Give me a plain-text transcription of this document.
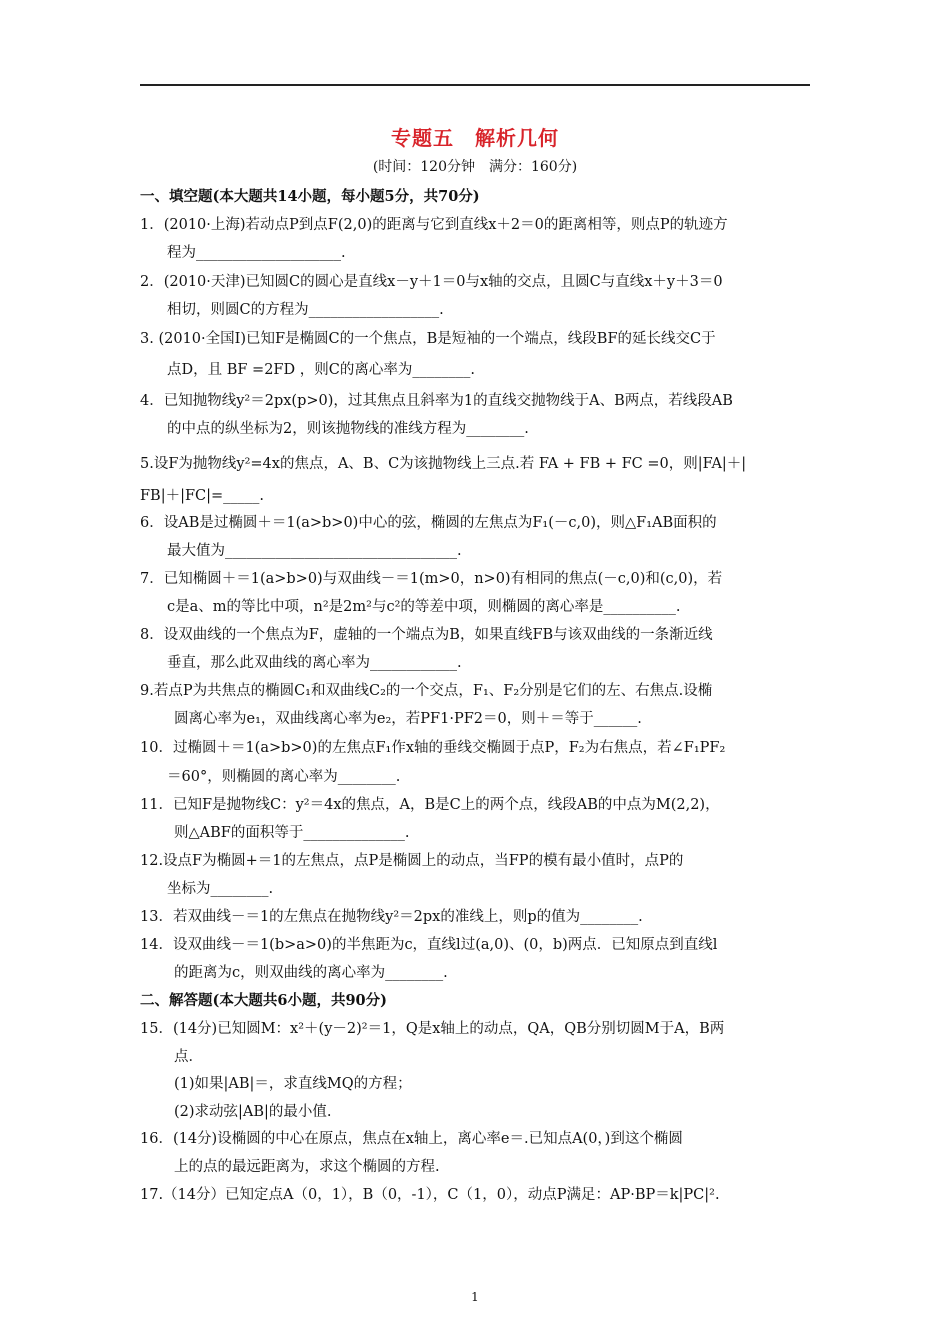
专题五　解析几何
(时间：120分钟　满分：160分)
一、填空题(本大题共14小题，每小题5分，共70分)
1．(2010·上海)若动点P到点F(2,0)的距离与它到直线x＋2＝0的距离相等，则点P的轨迹方
程为____________________.
2．(2010·天津)已知圆C的圆心是直线x－y＋1＝0与x轴的交点，且圆C与直线x＋y＋3＝0
相切，则圆C的方程为__________________.
3. (2010·全国Ⅰ)已知F是椭圆C的一个焦点，B是短袖的一个端点，线段BF的延长线交C于
点D，且 BF =2FD ，则C的离心率为________.
4．已知抛物线y²＝2px(p>0)，过其焦点且斜率为1的直线交抛物线于A、B两点，若线段AB
的中点的纵坐标为2，则该抛物线的准线方程为________.
5.设F为抛物线y²=4x的焦点，A、B、C为该抛物线上三点.若 FA + FB + FC =0，则|FA|＋|
FB|＋|FC|=_____.
6．设AB是过椭圆＋＝1(a>b>0)中心的弦，椭圆的左焦点为F₁(－c,0)，则△F₁AB面积的
最大值为________________________________.
7．已知椭圆＋＝1(a>b>0)与双曲线－＝1(m>0，n>0)有相同的焦点(－c,0)和(c,0)，若
c是a、m的等比中项，n²是2m²与c²的等差中项，则椭圆的离心率是__________.
8．设双曲线的一个焦点为F，虚轴的一个端点为B，如果直线FB与该双曲线的一条渐近线
垂直，那么此双曲线的离心率为____________.
9.若点P为共焦点的椭圆C₁和双曲线C₂的一个交点，F₁、F₂分别是它们的左、右焦点.设椭
圆离心率为e₁，双曲线离心率为e₂，若PF1·PF2＝0，则＋＝等于______.
10．过椭圆＋＝1(a>b>0)的左焦点F₁作x轴的垂线交椭圆于点P，F₂为右焦点，若∠F₁PF₂
＝60°，则椭圆的离心率为________.
11．已知F是抛物线C：y²＝4x的焦点，A，B是C上的两个点，线段AB的中点为M(2,2)，
则△ABF的面积等于______________.
12.设点F为椭圆+＝1的左焦点，点P是椭圆上的动点，当FP的模有最小值时，点P的
坐标为________.
13．若双曲线－＝1的左焦点在抛物线y²＝2px的准线上，则p的值为________.
14．设双曲线－＝1(b>a>0)的半焦距为c，直线l过(a,0)、(0，b)两点．已知原点到直线l
的距离为c，则双曲线的离心率为________.
二、解答题(本大题共6小题，共90分)
15．(14分)已知圆M：x²＋(y－2)²＝1，Q是x轴上的动点，QA，QB分别切圆M于A，B两
点．
(1)如果|AB|＝，求直线MQ的方程；
(2)求动弦|AB|的最小值.
16．(14分)设椭圆的中心在原点，焦点在x轴上，离心率e＝.已知点A(0，)到这个椭圆
上的点的最远距离为，求这个椭圆的方程.
17.（14分）已知定点A（0，1），B（0，-1），C（1，0），动点P满足：AP·BP＝k|PC|².
1
